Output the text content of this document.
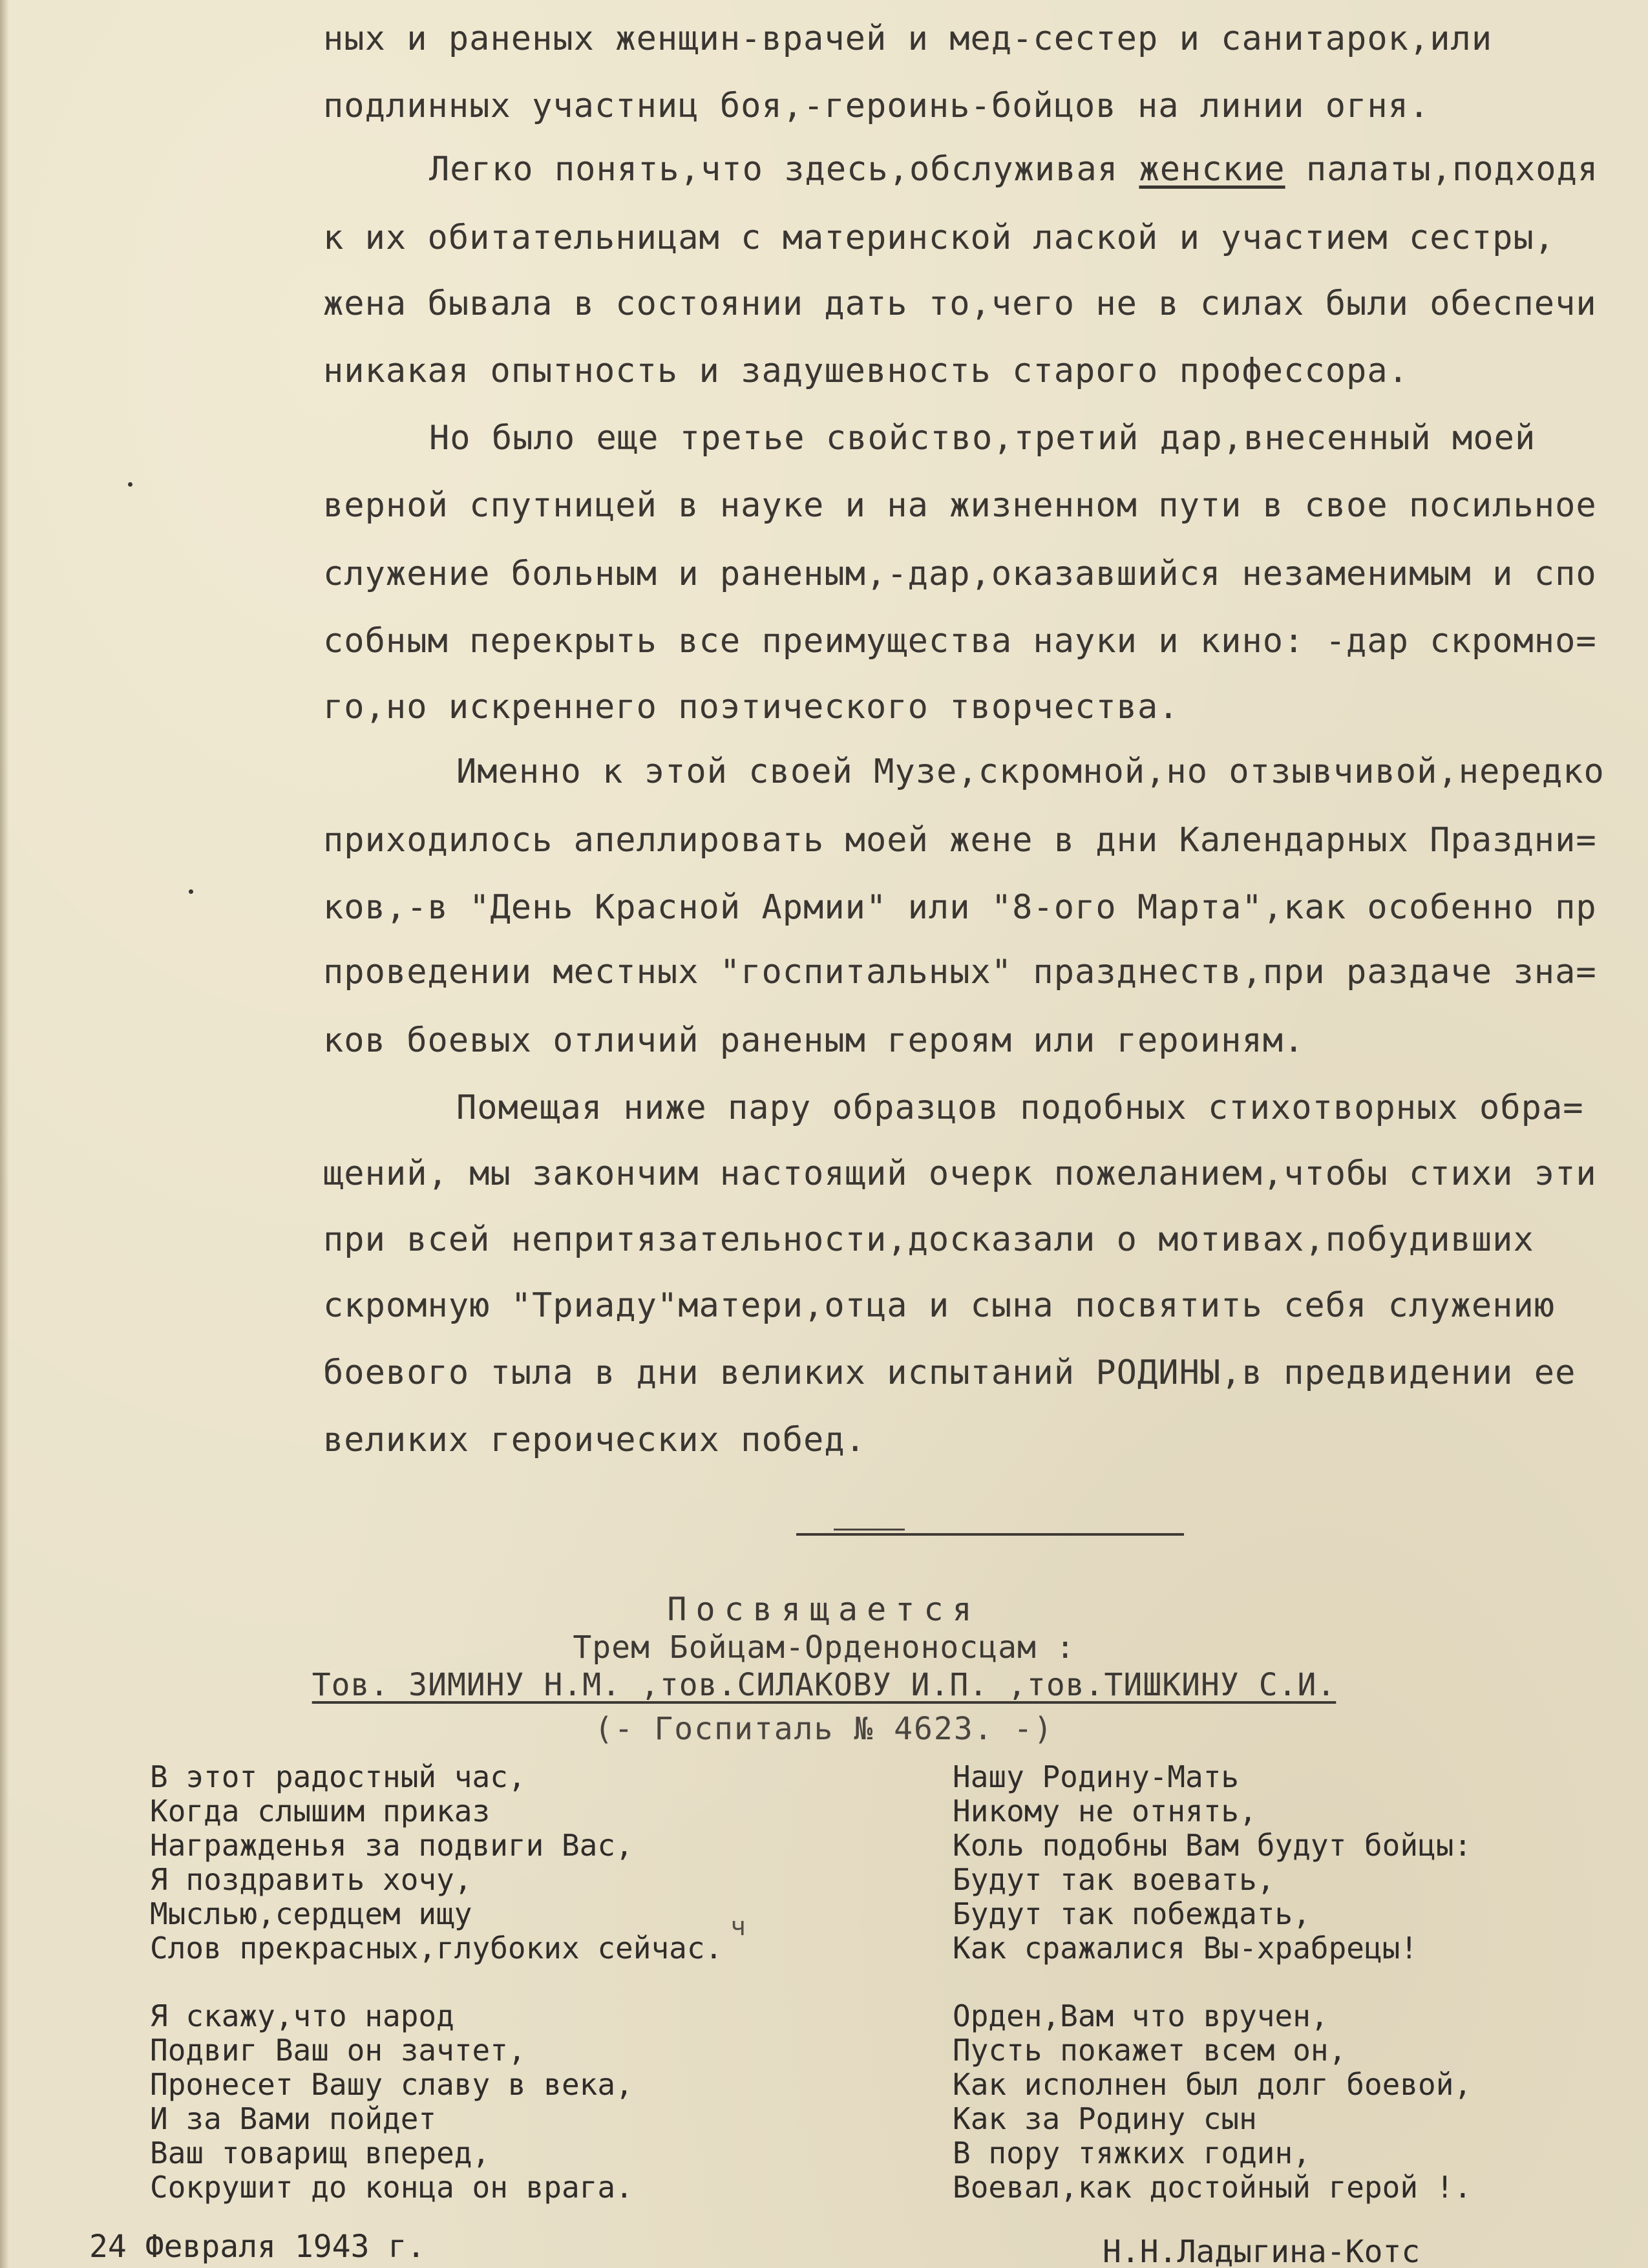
ных и раненых женщин-врачей и мед-сестер и санитарок,или
подлинных участниц боя,-героинь-бойцов на линии огня.
Легко понять,что здесь,обслуживая женские палаты,подходя
к их обитательницам с материнской лаской и участием сестры,
жена бывала в состоянии дать то,чего не в силах были обеспечи
никакая опытность и задушевность старого профессора.
Но было еще третье свойство,третий дар,внесенный моей
верной спутницей в науке и на жизненном пути в свое посильное
служение больным и раненым,-дар,оказавшийся незаменимым и спо
собным перекрыть все преимущества науки и кино: -дар скромно=
го,но искреннего поэтического творчества.
Именно к этой своей Музе,скромной,но отзывчивой,нередко
приходилось апеллировать моей жене в дни Календарных Праздни=
ков,-в "День Красной Армии" или "8-ого Марта",как особенно пр
проведении местных "госпитальных" празднеств,при раздаче зна=
ков боевых отличий раненым героям или героиням.
Помещая ниже пару образцов подобных стихотворных обра=
щений, мы закончим настоящий очерк пожеланием,чтобы стихи эти
при всей непритязательности,досказали о мотивах,побудивших
скромную "Триаду"матери,отца и сына посвятить себя служению
боевого тыла в дни великих испытаний РОДИНЫ,в предвидении ее
великих героических побед.
Посвящается
Трем Бойцам-Орденоносцам :
Тов. ЗИМИНУ Н.М. ,тов.СИЛАКОВУ И.П. ,тов.ТИШКИНУ С.И.
(- Госпиталь № 4623. -)
В этот радостный час,
Когда слышим приказ
Награжденья за подвиги Вас,
Я поздравить хочу,
Мыслью,сердцем ищу
Слов прекрасных,глубоких сейчас.
Я скажу,что народ
Подвиг Ваш он зачтет,
Пронесет Вашу славу в века,
И за Вами пойдет
Ваш товарищ вперед,
Сокрушит до конца он врага.
Нашу Родину-Мать
Никому не отнять,
Коль подобны Вам будут бойцы:
Будут так воевать,
Будут так побеждать,
Как сражалися Вы-храбрецы!
Орден,Вам что вручен,
Пусть покажет всем он,
Как исполнен был долг боевой,
Как за Родину сын
В пору тяжких годин,
Воевал,как достойный герой !.
24 Февраля 1943 г.	Н.Н.Ладыгина-Котс
ч
